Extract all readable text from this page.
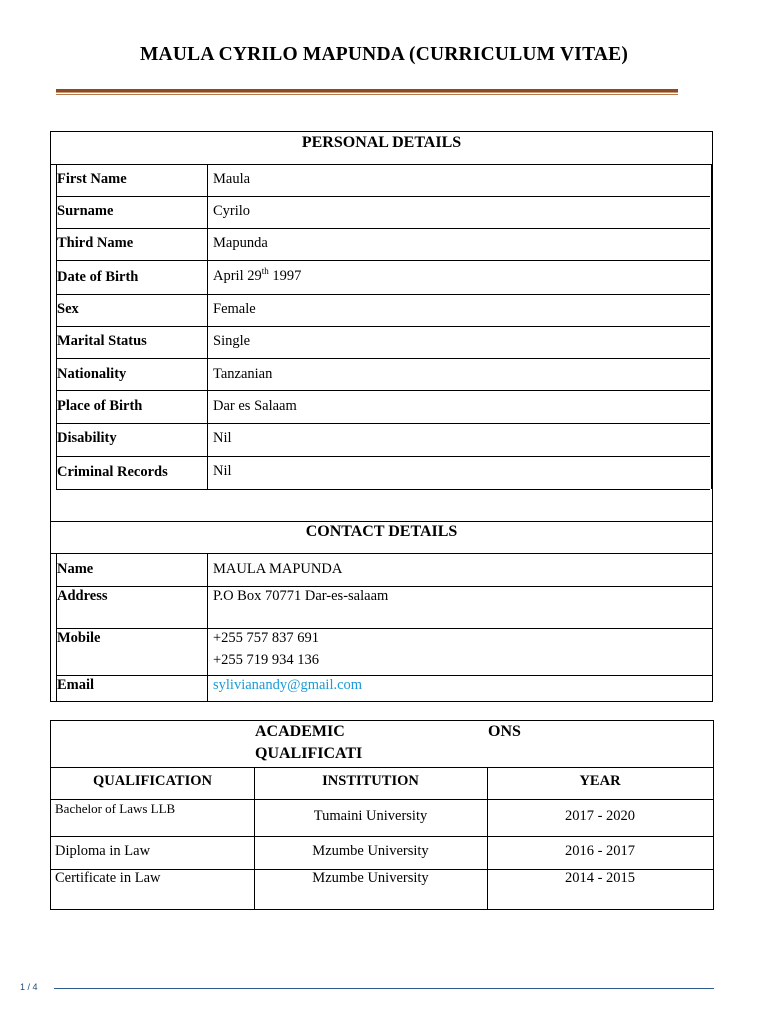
MAULA CYRILO MAPUNDA (CURRICULUM VITAE)
PERSONAL DETAILS
First Name	Maula
Surname	Cyrilo
Third Name	Mapunda
Date of Birth	April 29th 1997
Sex	Female
Marital Status	Single
Nationality	Tanzanian
Place of Birth	Dar es Salaam
Disability	Nil
Criminal Records	Nil
CONTACT DETAILS
Name	MAULA MAPUNDA
Address	P.O Box 70771 Dar-es-salaam
Mobile	+255 757 837 691
+255 719 934 136
Email	sylivianandy@gmail.com
ACADEMIC	ONS
QUALIFICATI
QUALIFICATION	INSTITUTION	YEAR
Bachelor of Laws LLB	Tumaini University	2017 - 2020
Diploma in Law	Mzumbe University	2016 - 2017
Certificate in Law	Mzumbe University	2014 - 2015
1 / 4
